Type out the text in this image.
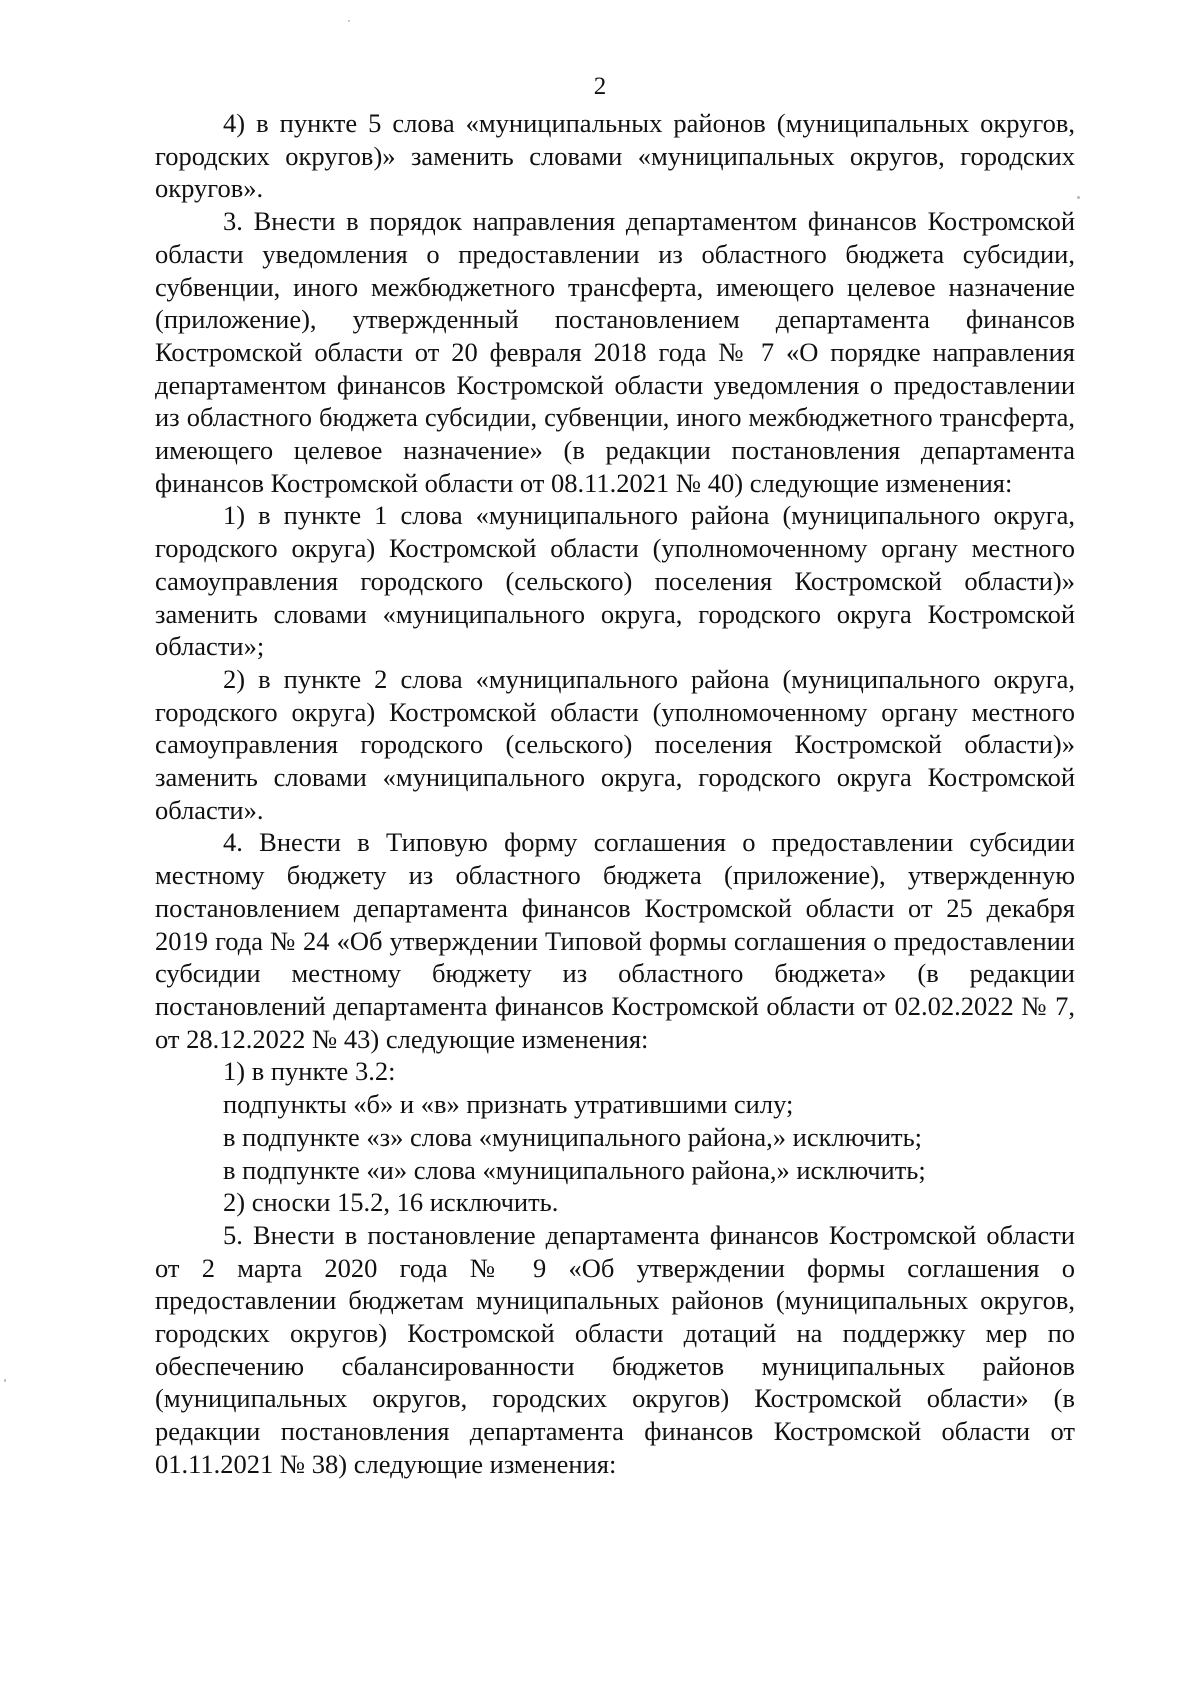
2

4) в пункте 5 слова «муниципальных районов (муниципальных округов, городских округов)» заменить словами «муниципальных округов, городских округов».

3. Внести в порядок направления департаментом финансов Костромской области уведомления о предоставлении из областного бюджета субсидии, субвенции, иного межбюджетного трансферта, имеющего целевое назначение (приложение), утвержденный постановлением департамента финансов Костромской области от 20 февраля 2018 года № 7 «О порядке направления департаментом финансов Костромской области уведомления о предоставлении из областного бюджета субсидии, субвенции, иного межбюджетного трансферта, имеющего целевое назначение» (в редакции постановления департамента финансов Костромской области от 08.11.2021 № 40) следующие изменения:

1) в пункте 1 слова «муниципального района (муниципального округа, городского округа) Костромской области (уполномоченному органу местного самоуправления городского (сельского) поселения Костромской области)» заменить словами «муниципального округа, городского округа Костромской области»;

2) в пункте 2 слова «муниципального района (муниципального округа, городского округа) Костромской области (уполномоченному органу местного самоуправления городского (сельского) поселения Костромской области)» заменить словами «муниципального округа, городского округа Костромской области».

4. Внести в Типовую форму соглашения о предоставлении субсидии местному бюджету из областного бюджета (приложение), утвержденную постановлением департамента финансов Костромской области от 25 декабря 2019 года № 24 «Об утверждении Типовой формы соглашения о предоставлении субсидии местному бюджету из областного бюджета» (в редакции постановлений департамента финансов Костромской области от 02.02.2022 № 7, от 28.12.2022 № 43) следующие изменения:

1) в пункте 3.2:

подпункты «б» и «в» признать утратившими силу;

в подпункте «з» слова «муниципального района,» исключить;

в подпункте «и» слова «муниципального района,» исключить;

2) сноски 15.2, 16 исключить.

5. Внести в постановление департамента финансов Костромской области от 2 марта 2020 года № 9 «Об утверждении формы соглашения о предоставлении бюджетам муниципальных районов (муниципальных округов, городских округов) Костромской области дотаций на поддержку мер по обеспечению сбалансированности бюджетов муниципальных районов (муниципальных округов, городских округов) Костромской области» (в редакции постановления департамента финансов Костромской области от 01.11.2021 № 38) следующие изменения:
